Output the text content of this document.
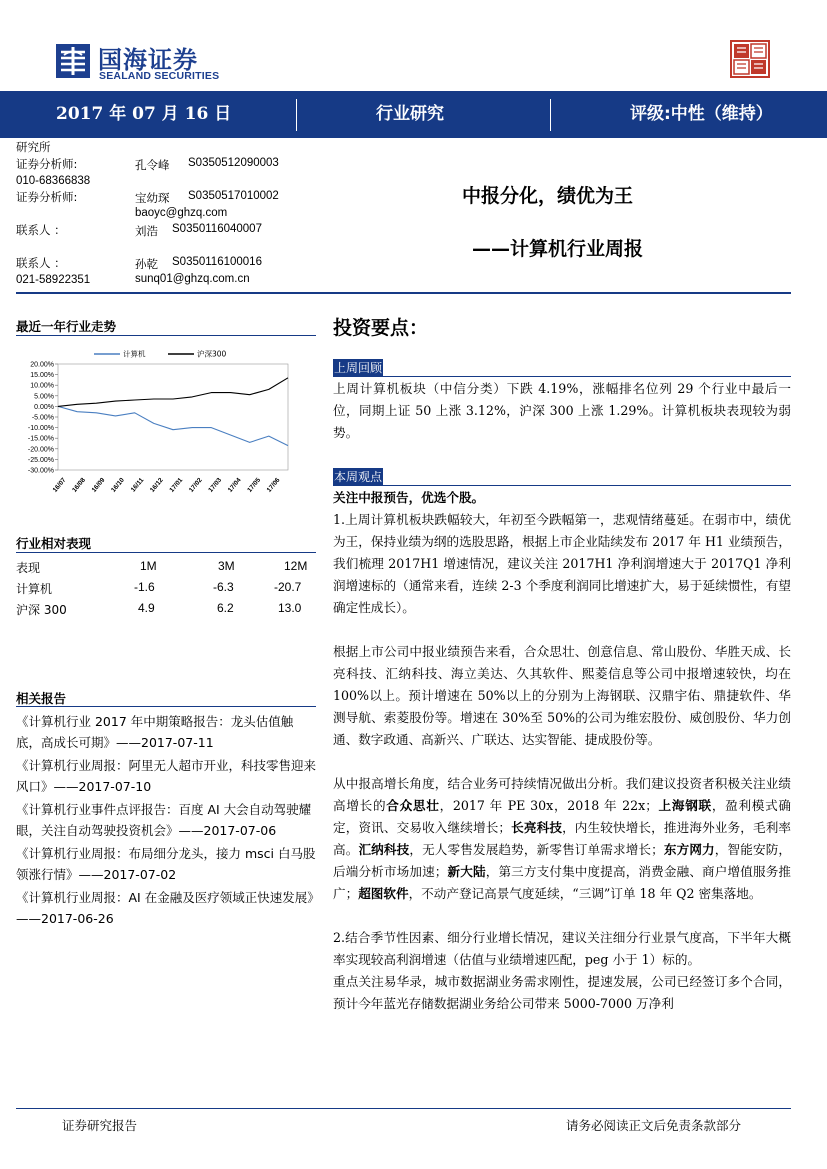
国海证券
SEALAND SECURITIES
2017 年 07 月 16 日	行业研究	评级:中性（维持）
研究所
证券分析师:	孔令峰 S0350512090003
010-68366838
证券分析师:	宝幼琛 S0350517010002
baoyc@ghzq.com
联系人 ：	刘浩 S0350116040007
联系人 ：	孙乾 S0350116100016
021-58922351	sunq01@ghzq.com.cn
中报分化，绩优为王
——计算机行业周报
最近一年行业走势
20.00%
15.00%
10.00%
5.00%
0.00%
-5.00%
-10.00%
-15.00%
-20.00%
-25.00%
-30.00%
16/07 16/08 16/09 16/10 16/11 16/12 17/01 17/02 17/03 17/04 17/05 17/06
计算机	沪深300
行业相对表现
表现	1M	3M	12M
计算机	-1.6	-6.3	-20.7
沪深 300	4.9	6.2	13.0
相关报告

《计算机行业 2017 年中期策略报告：龙头估值触底，高成长可期》——2017-07-11

《计算机行业周报：阿里无人超市开业，科技零售迎来风口》——2017-07-10

《计算机行业事件点评报告：百度 AI 大会自动驾驶耀眼，关注自动驾驶投资机会》——2017-07-06

《计算机行业周报：布局细分龙头，接力 msci 白马股领涨行情》——2017-07-02

《计算机行业周报：AI 在金融及医疗领域正快速发展》——2017-06-26

投资要点：
上周回顾
上周计算机板块（中信分类）下跌 4.19%，涨幅排名位列 29 个行业中最后一位，同期上证 50 上涨 3.12%，沪深 300 上涨 1.29%。计算机板块表现较为弱势。
本周观点

关注中报预告，优选个股。

1.上周计算机板块跌幅较大，年初至今跌幅第一，悲观情绪蔓延。在弱市中，绩优为王，保持业绩为纲的选股思路，根据上市企业陆续发布 2017 年 H1 业绩预告，我们梳理 2017H1 增速情况，建议关注 2017H1 净利润增速大于 2017Q1 净利润增速标的（通常来看，连续 2-3 个季度利润同比增速扩大，易于延续惯性，有望确定性成长）。

根据上市公司中报业绩预告来看，合众思壮、创意信息、常山股份、华胜天成、长亮科技、汇纳科技、海立美达、久其软件、熙菱信息等公司中报增速较快，均在 100%以上。预计增速在 50%以上的分别为上海钢联、汉鼎宇佑、鼎捷软件、华测导航、索菱股份等。增速在 30%至 50%的公司为维宏股份、威创股份、华力创通、数字政通、高新兴、广联达、达实智能、捷成股份等。

从中报高增长角度，结合业务可持续情况做出分析。我们建议投资者积极关注业绩高增长的合众思壮，2017 年 PE 30x，2018 年 22x；上海钢联，盈利模式确定，资讯、交易收入继续增长；长亮科技，内生较快增长，推进海外业务，毛利率高。汇纳科技，无人零售发展趋势，新零售订单需求增长；东方网力，智能安防，后端分析市场加速；新大陆，第三方支付集中度提高，消费金融、商户增值服务推广；超图软件，不动产登记高景气度延续，“三调”订单 18 年 Q2 密集落地。

2.结合季节性因素、细分行业增长情况，建议关注细分行业景气度高，下半年大概率实现较高利润增速（估值与业绩增速匹配，peg 小于 1）标的。

重点关注易华录，城市数据湖业务需求刚性，提速发展，公司已经签订多个合同，预计今年蓝光存储数据湖业务给公司带来 5000-7000 万净利

证券研究报告	请务必阅读正文后免责条款部分
